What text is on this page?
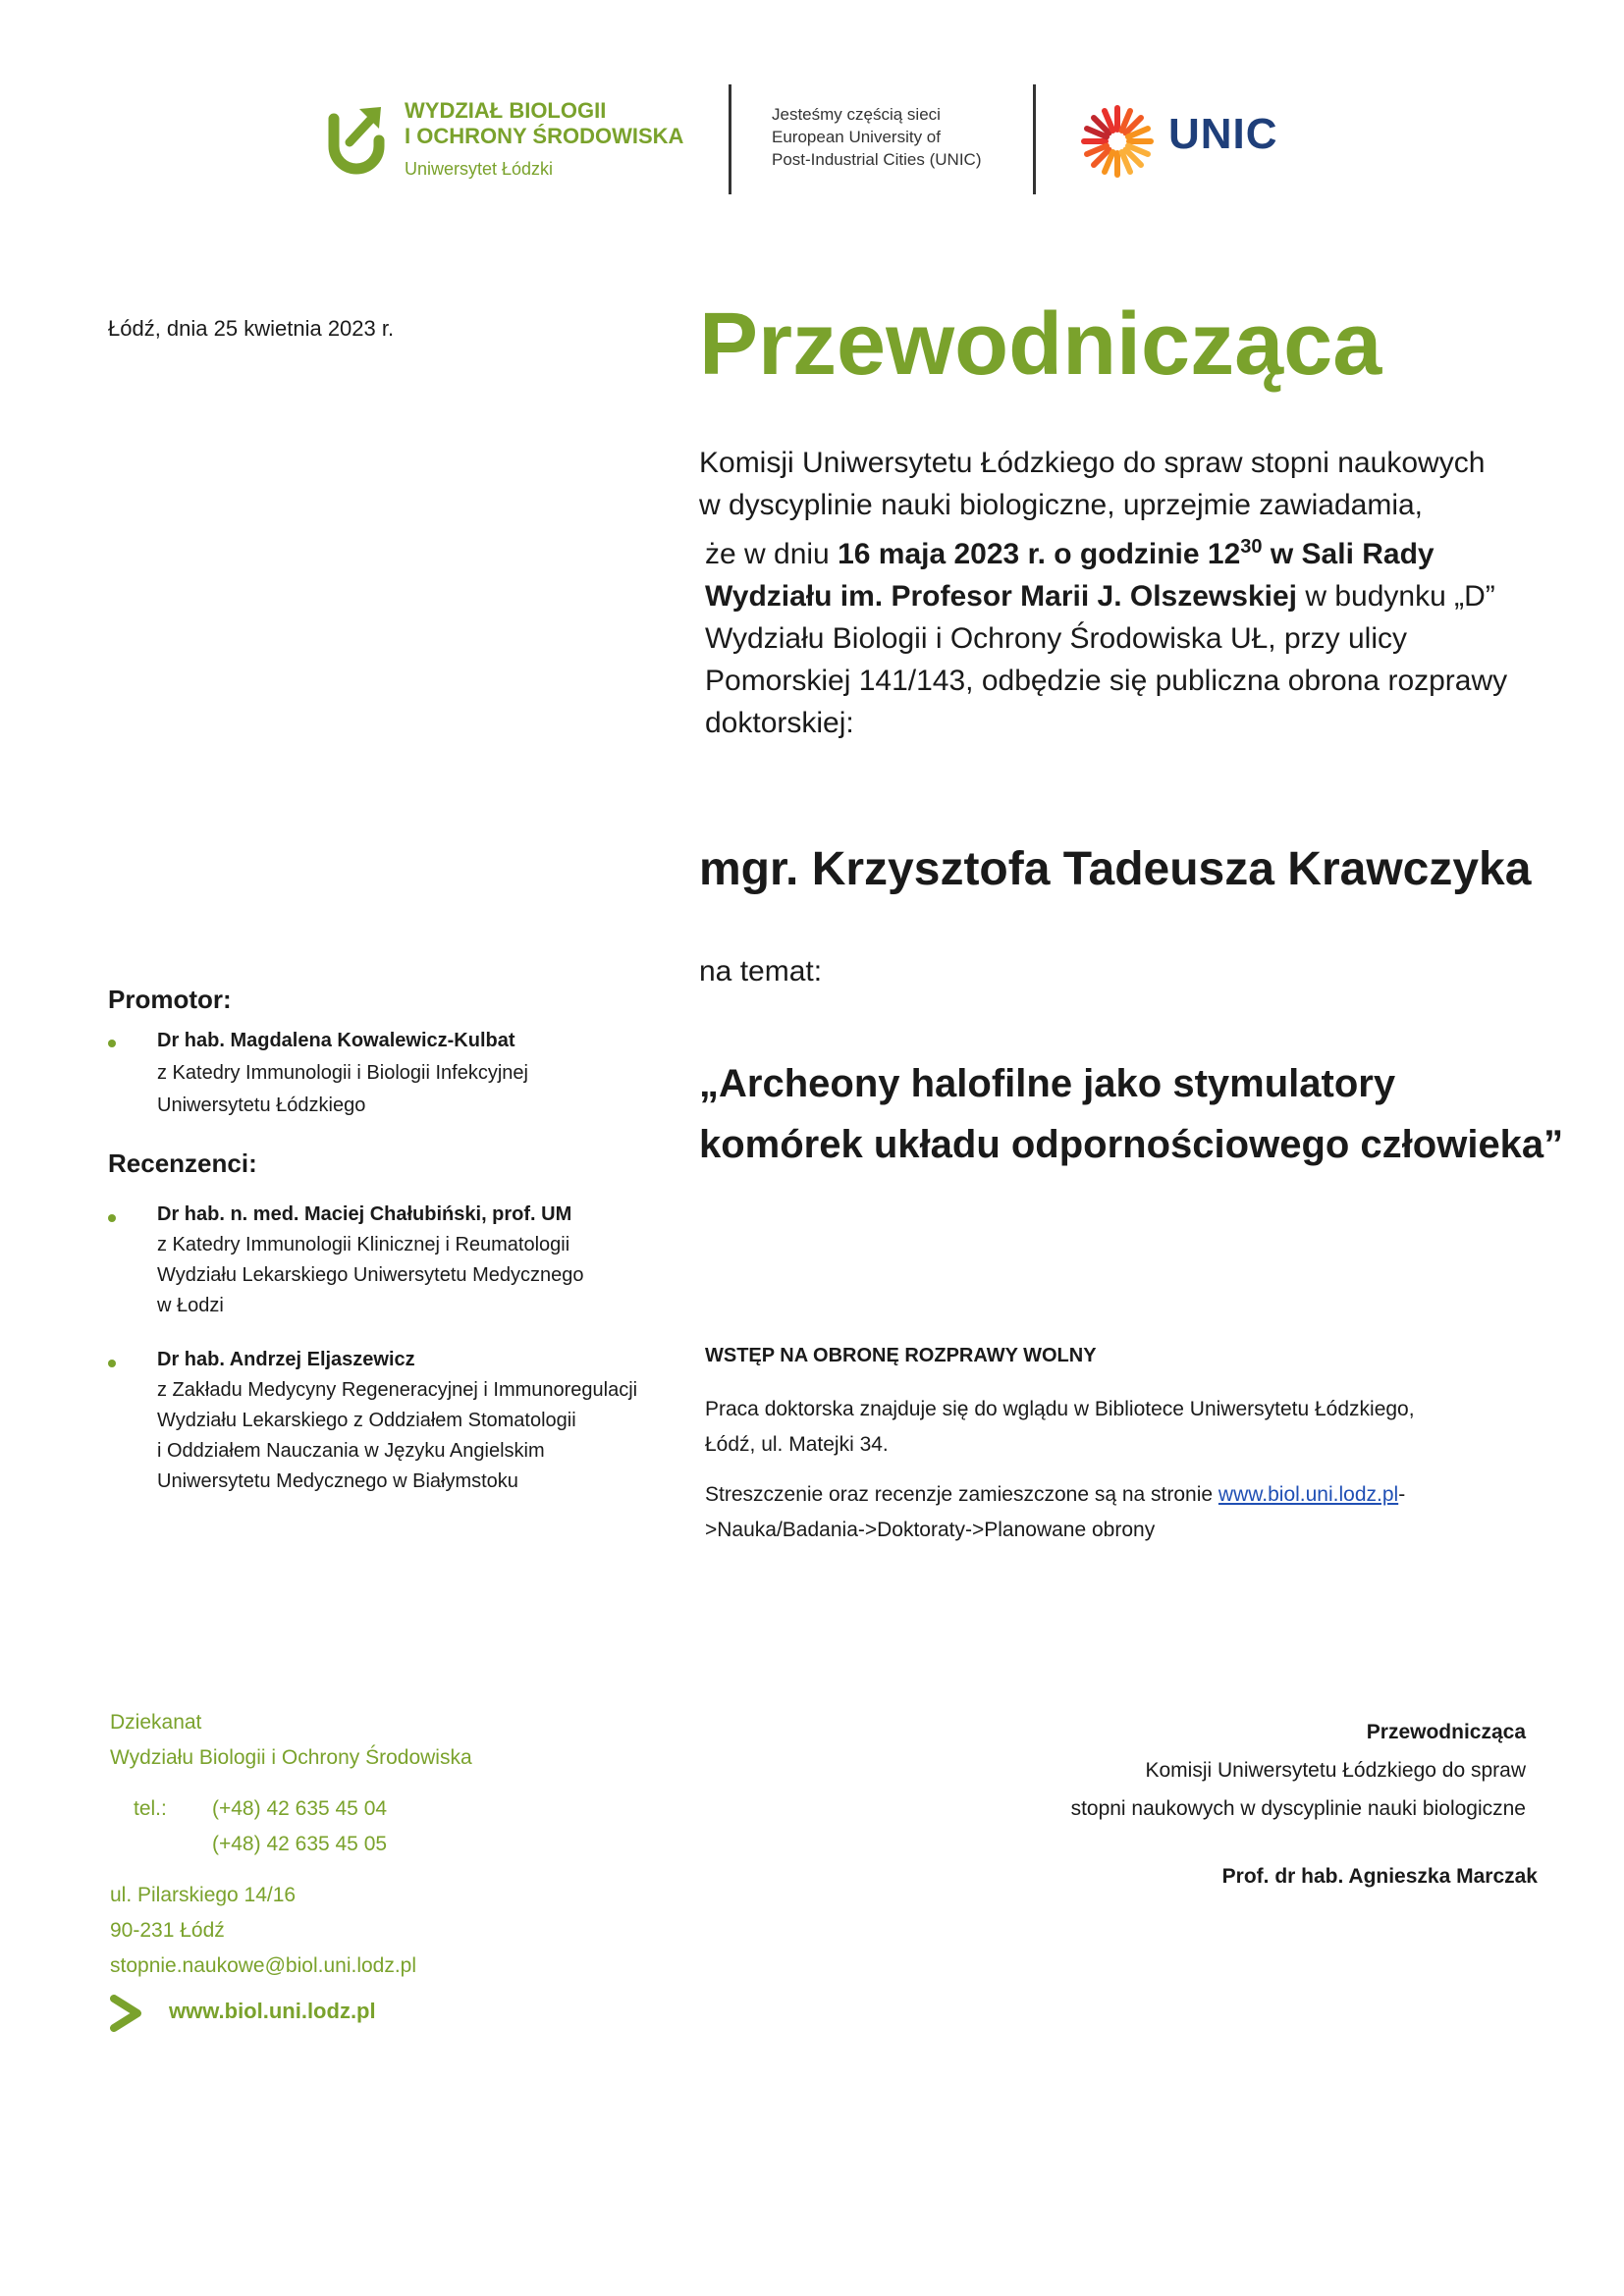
WYDZIAŁ BIOLOGII
I OCHRONY ŚRODOWISKA
Uniwersytet Łódzki
Jesteśmy częścią sieci
European University of
Post-Industrial Cities (UNIC)
UNIC
Łódź, dnia 25 kwietnia 2023 r.
Promotor:
Dr hab. Magdalena Kowalewicz-Kulbat
z Katedry Immunologii i Biologii Infekcyjnej
Uniwersytetu Łódzkiego
Recenzenci:
Dr hab. n. med. Maciej Chałubiński, prof. UM
z Katedry Immunologii Klinicznej i Reumatologii
Wydziału Lekarskiego Uniwersytetu Medycznego
w Łodzi
Dr hab. Andrzej Eljaszewicz
z Zakładu Medycyny Regeneracyjnej i Immunoregulacji
Wydziału Lekarskiego z Oddziałem Stomatologii
i Oddziałem Nauczania w Języku Angielskim
Uniwersytetu Medycznego w Białymstoku
Przewodnicząca
Komisji Uniwersytetu Łódzkiego do spraw stopni naukowych
w dyscyplinie nauki biologiczne, uprzejmie zawiadamia,
że w dniu 16 maja 2023 r. o godzinie $12^{30}$ w Sali Rady
Wydziału im. Profesor Marii J. Olszewskiej w budynku „D”
Wydziału Biologii i Ochrony Środowiska UŁ, przy ulicy
Pomorskiej 141/143, odbędzie się publiczna obrona rozprawy
doktorskiej:
mgr. Krzysztofa Tadeusza Krawczyka
na temat:
„Archeony halofilne jako stymulatory
komórek układu odpornościowego człowieka”
WSTĘP NA OBRONĘ ROZPRAWY WOLNY
Praca doktorska znajduje się do wglądu w Bibliotece Uniwersytetu Łódzkiego,
Łódź, ul. Matejki 34.
Streszczenie oraz recenzje zamieszczone są na stronie www.biol.uni.lodz.pl-
>Nauka/Badania->Doktoraty->Planowane obrony
Dziekanat
Wydziału Biologii i Ochrony Środowiska
tel.:	(+48) 42 635 45 04
(+48) 42 635 45 05
ul. Pilarskiego 14/16
90-231 Łódź
stopnie.naukowe@biol.uni.lodz.pl
www.biol.uni.lodz.pl
Przewodnicząca
Komisji Uniwersytetu Łódzkiego do spraw
stopni naukowych w dyscyplinie nauki biologiczne
Prof. dr hab. Agnieszka Marczak
